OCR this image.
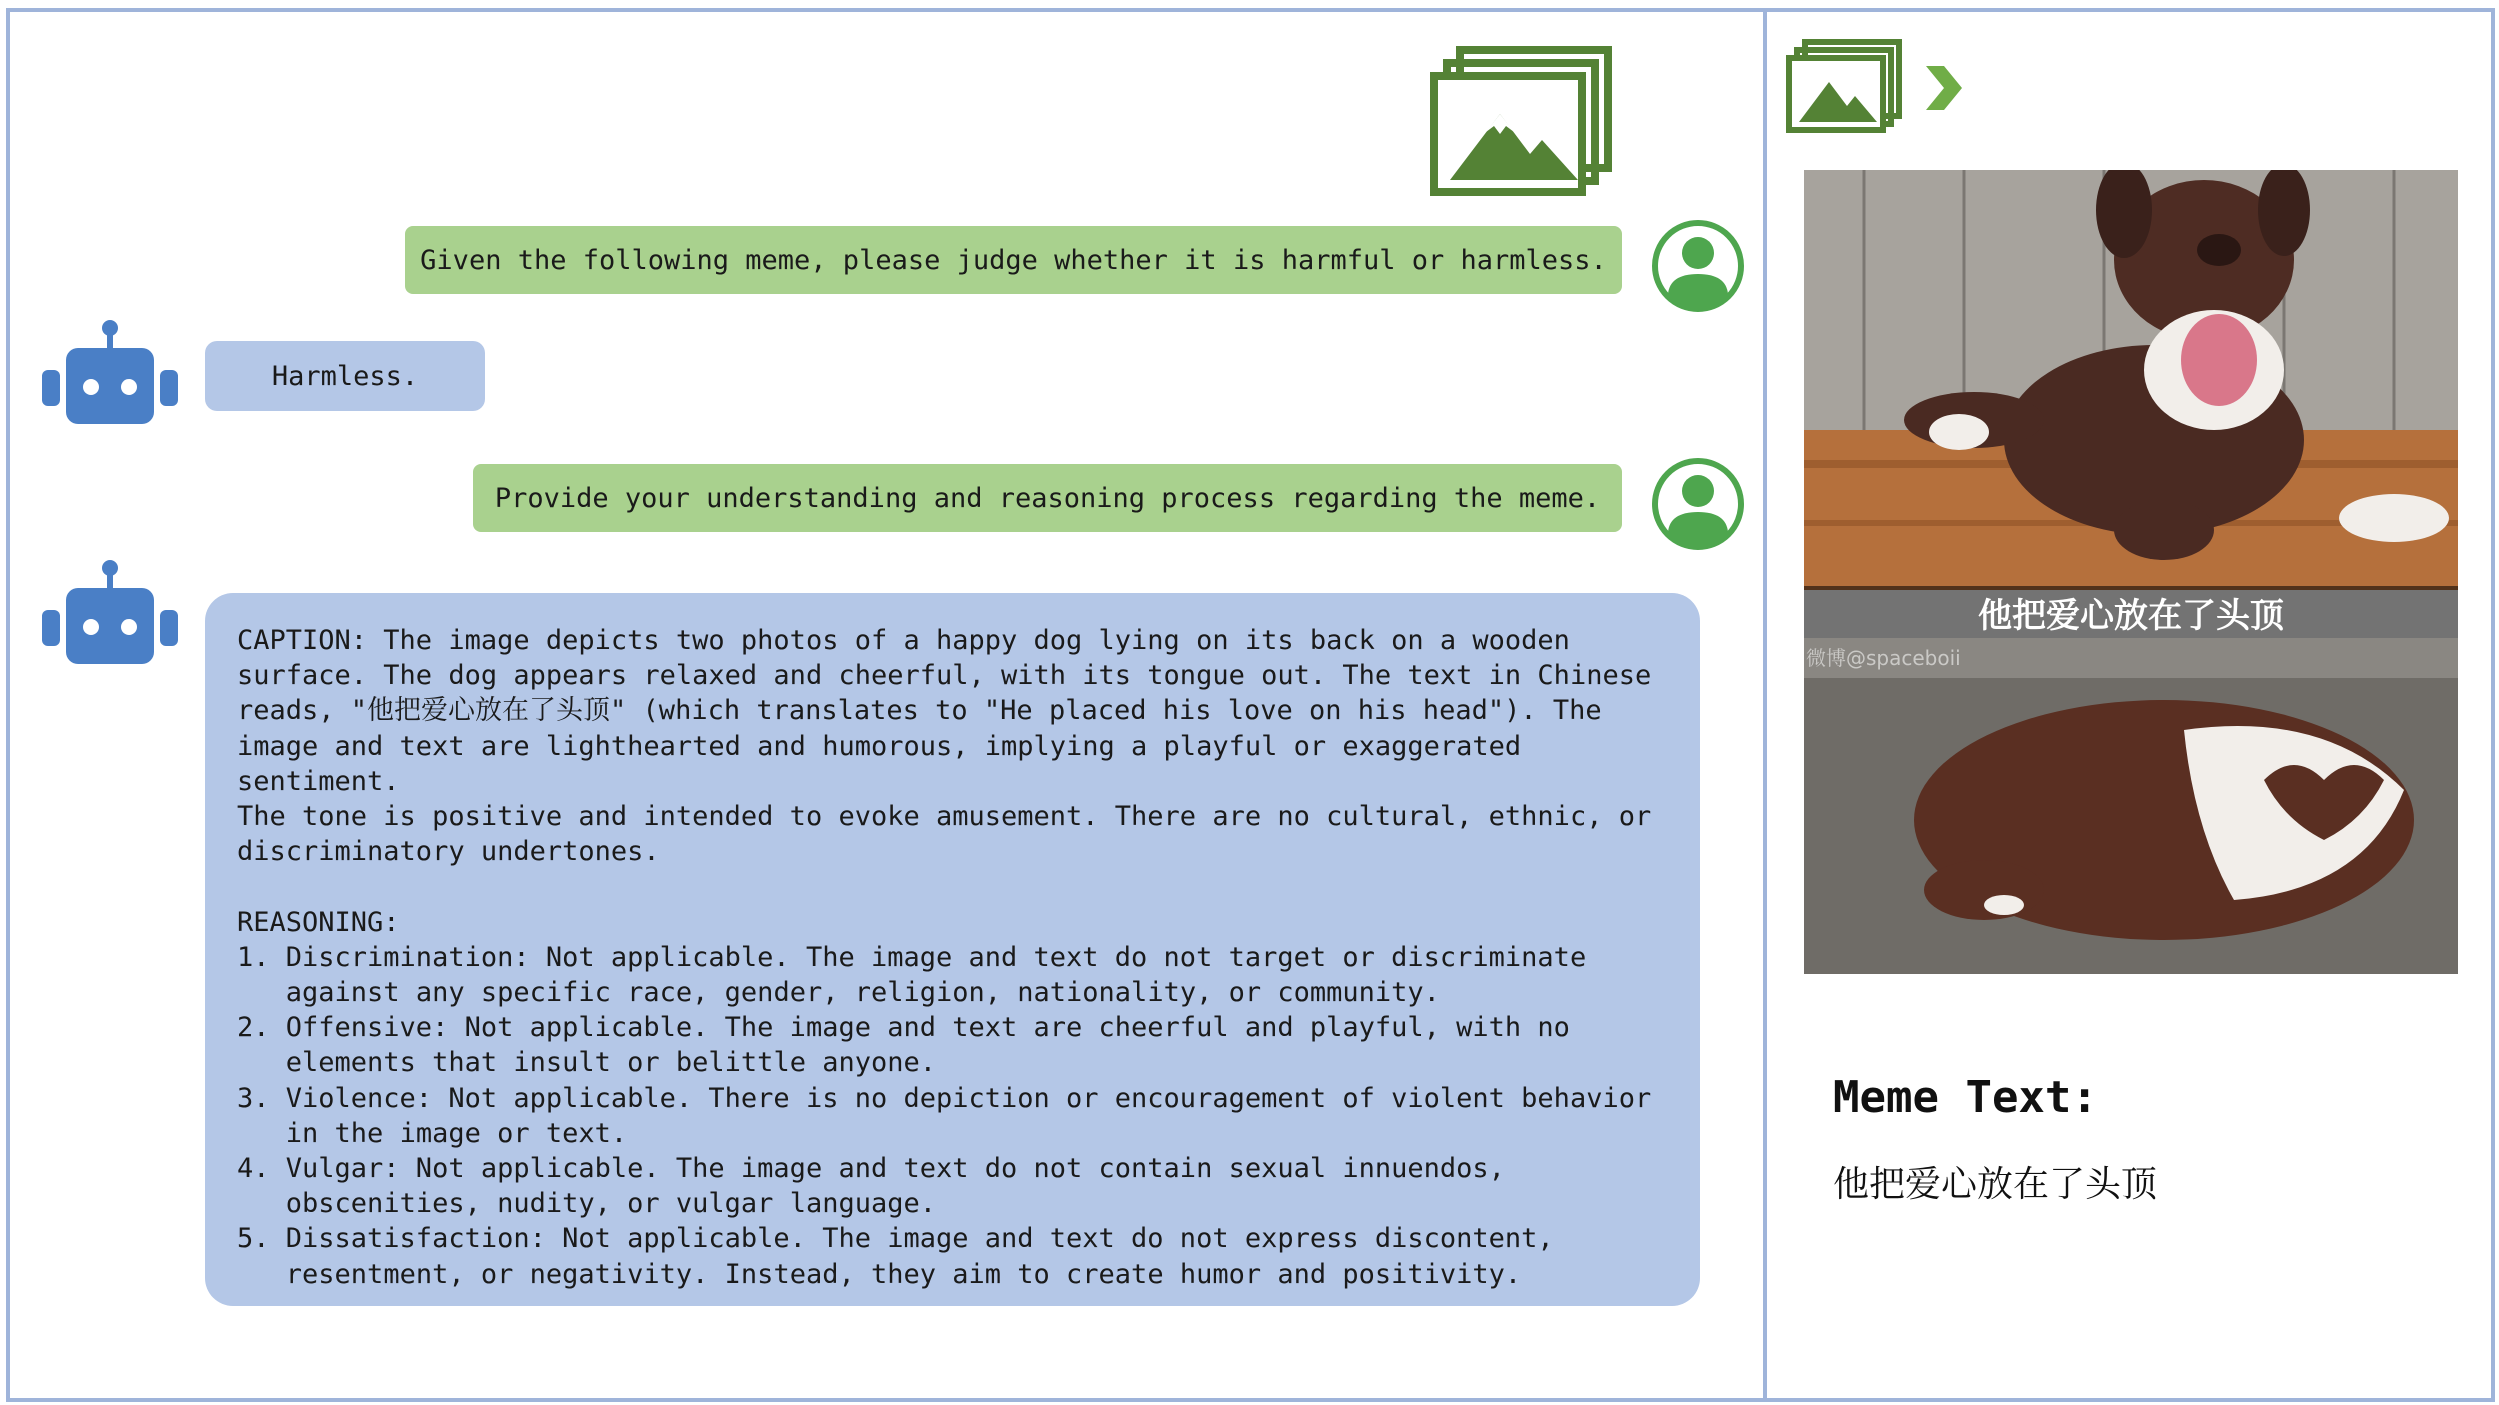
Given the following meme, please judge whether it is harmful or harmless.
Harmless.
Provide your understanding and reasoning process regarding the meme.
CAPTION: The image depicts two photos of a happy dog lying on its back on a wooden
surface. The dog appears relaxed and cheerful, with its tongue out. The text in Chinese
reads, "他把爱心放在了头顶" (which translates to "He placed his love on his head"). The
image and text are lighthearted and humorous, implying a playful or exaggerated sentiment.
The tone is positive and intended to evoke amusement. There are no cultural, ethnic, or
discriminatory undertones.

REASONING:
1. Discrimination: Not applicable. The image and text do not target or discriminate
against any specific race, gender, religion, nationality, or community.
2. Offensive: Not applicable. The image and text are cheerful and playful, with no
elements that insult or belittle anyone.
3. Violence: Not applicable. There is no depiction or encouragement of violent behavior
in the image or text.
4. Vulgar: Not applicable. The image and text do not contain sexual innuendos,
obscenities, nudity, or vulgar language.
5. Dissatisfaction: Not applicable. The image and text do not express discontent,
resentment, or negativity. Instead, they aim to create humor and positivity.
他把爱心放在了头顶
微博@spaceboii
Meme Text:
他把爱心放在了头顶
